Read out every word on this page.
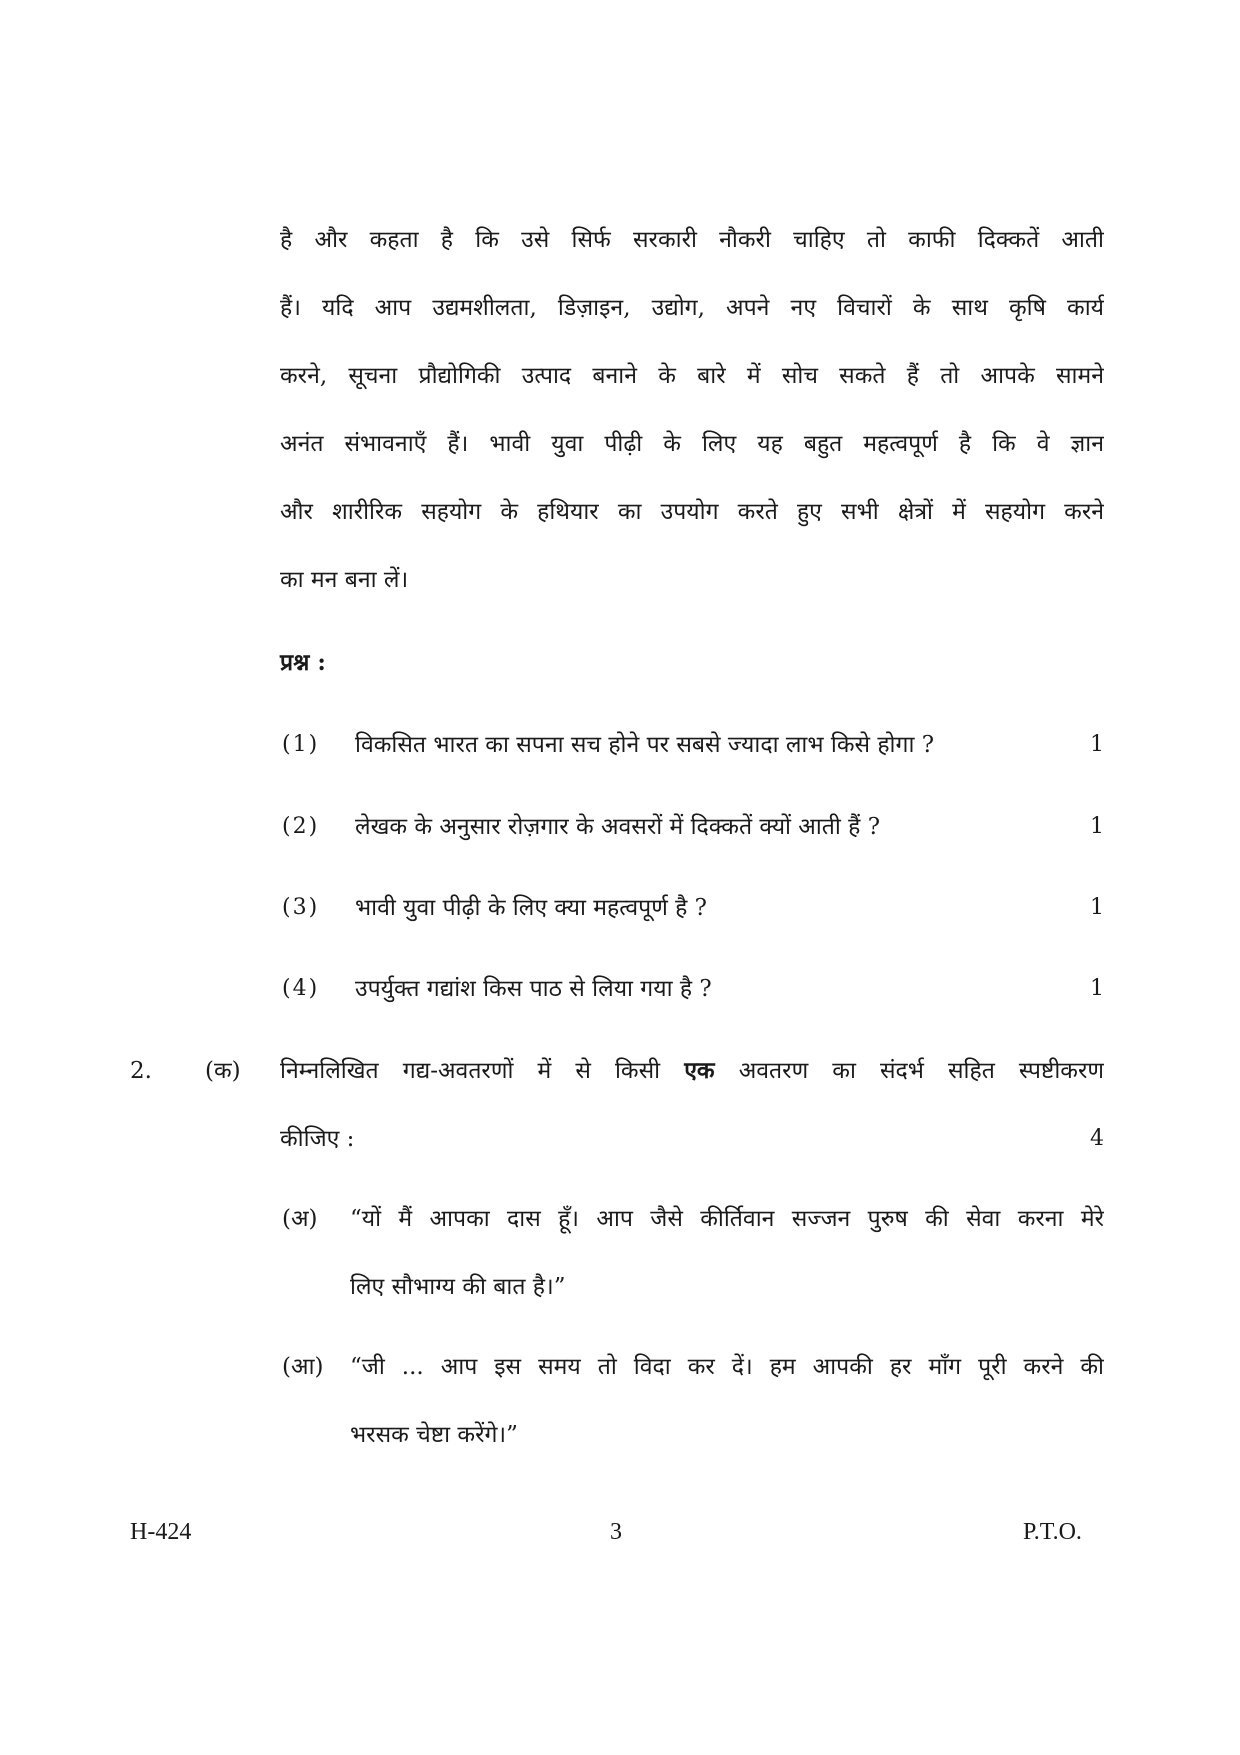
है और कहता है कि उसे सिर्फ सरकारी नौकरी चाहिए तो काफी दिक्कतें आती
हैं। यदि आप उद्यमशीलता, डिज़ाइन, उद्योग, अपने नए विचारों के साथ कृषि कार्य
करने, सूचना प्रौद्योगिकी उत्पाद बनाने के बारे में सोच सकते हैं तो आपके सामने
अनंत संभावनाएँ हैं। भावी युवा पीढ़ी के लिए यह बहुत महत्वपूर्ण है कि वे ज्ञान
और शारीरिक सहयोग के हथियार का उपयोग करते हुए सभी क्षेत्रों में सहयोग करने
का मन बना लें।
प्रश्न :
(1) विकसित भारत का सपना सच होने पर सबसे ज्यादा लाभ किसे होगा ?	1
(2) लेखक के अनुसार रोज़गार के अवसरों में दिक्कतें क्यों आती हैं ?	1
(3) भावी युवा पीढ़ी के लिए क्या महत्वपूर्ण है ?	1
(4) उपर्युक्त गद्यांश किस पाठ से लिया गया है ?	1
2. (क) निम्नलिखित गद्य-अवतरणों में से किसी एक अवतरण का संदर्भ सहित स्पष्टीकरण
कीजिए :	4
(अ) “यों मैं आपका दास हूँ। आप जैसे कीर्तिवान सज्जन पुरुष की सेवा करना मेरे
लिए सौभाग्य की बात है।”
(आ) “जी ... आप इस समय तो विदा कर दें। हम आपकी हर माँग पूरी करने की
भरसक चेष्टा करेंगे।”
H-424	3	P.T.O.
